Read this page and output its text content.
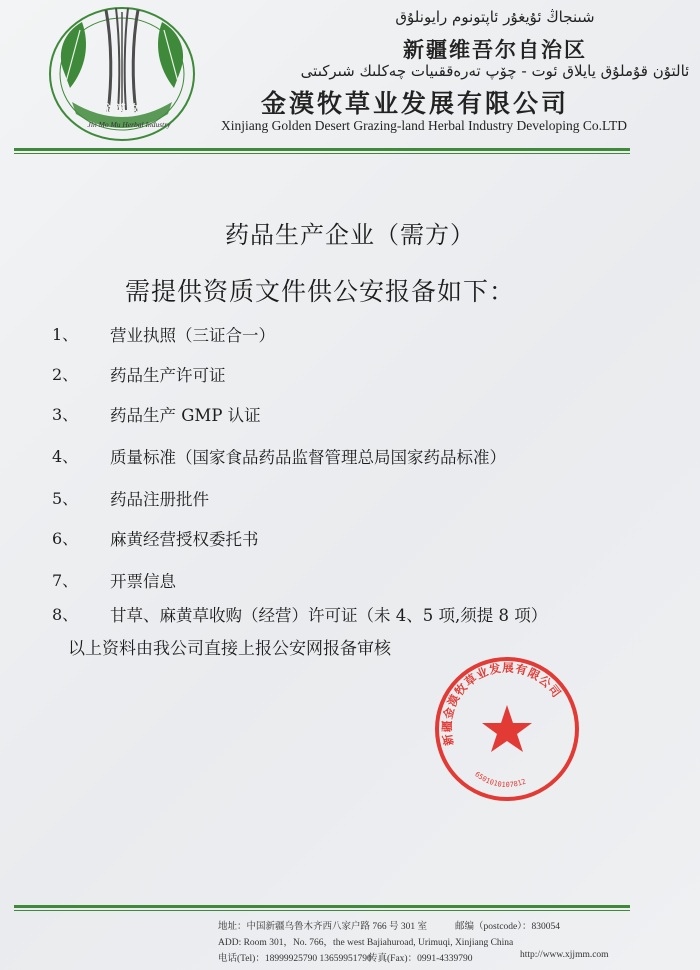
金漠牧
Jin Mo Mu Herbal Industry
شىنجاڭ ئۇيغۇر ئاپتونوم رايونلۇق
新疆维吾尔自治区
ئالتۇن قۇملۇق يايلاق ئوت - چۆپ تەرەققىيات چەكلىك شىركىتى
金漠牧草业发展有限公司
Xinjiang Golden Desert Grazing-land Herbal Industry Developing Co.LTD
药品生产企业（需方）
需提供资质文件供公安报备如下：
1、 营业执照（三证合一）
2、 药品生产许可证
3、 药品生产 GMP 认证
4、 质量标准（国家食品药品监督管理总局国家药品标准）
5、 药品注册批件
6、 麻黄经营授权委托书
7、 开票信息
8、 甘草、麻黄草收购（经营）许可证（未 4、5 项,须提 8 项）
以上资料由我公司直接上报公安网报备审核
新疆金漠牧草业发展有限公司
6501010107812
地址：中国新疆乌鲁木齐西八家户路 766 号 301 室	邮编（postcode）：830054
ADD: Room 301，No. 766，the west Bajiahuroad, Urimuqi, Xinjiang China
电话(Tel)：18999925790 13659951790
传真(Fax)：0991-4339790	http://www.xjjmm.com
